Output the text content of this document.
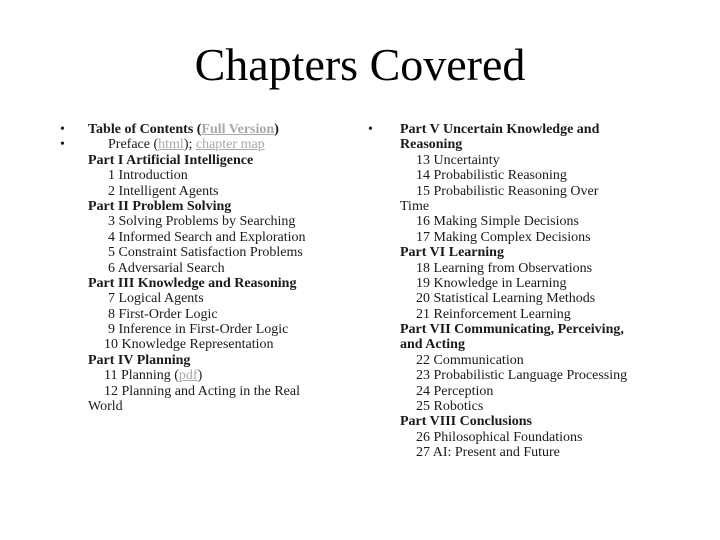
Chapters Covered
•	Table of Contents (Full Version)
•	Preface (html); chapter map
Part I Artificial Intelligence
1 Introduction
2 Intelligent Agents
Part II Problem Solving
3 Solving Problems by Searching
4 Informed Search and Exploration
5 Constraint Satisfaction Problems
6 Adversarial Search
Part III Knowledge and Reasoning
7 Logical Agents
8 First-Order Logic
9 Inference in First-Order Logic
10 Knowledge Representation
Part IV Planning
11 Planning (pdf)
12 Planning and Acting in the Real
World
•	Part V Uncertain Knowledge and
Reasoning
13 Uncertainty
14 Probabilistic Reasoning
15 Probabilistic Reasoning Over
Time
16 Making Simple Decisions
17 Making Complex Decisions
Part VI Learning
18 Learning from Observations
19 Knowledge in Learning
20 Statistical Learning Methods
21 Reinforcement Learning
Part VII Communicating, Perceiving,
and Acting
22 Communication
23 Probabilistic Language Processing
24 Perception
25 Robotics
Part VIII Conclusions
26 Philosophical Foundations
27 AI: Present and Future
